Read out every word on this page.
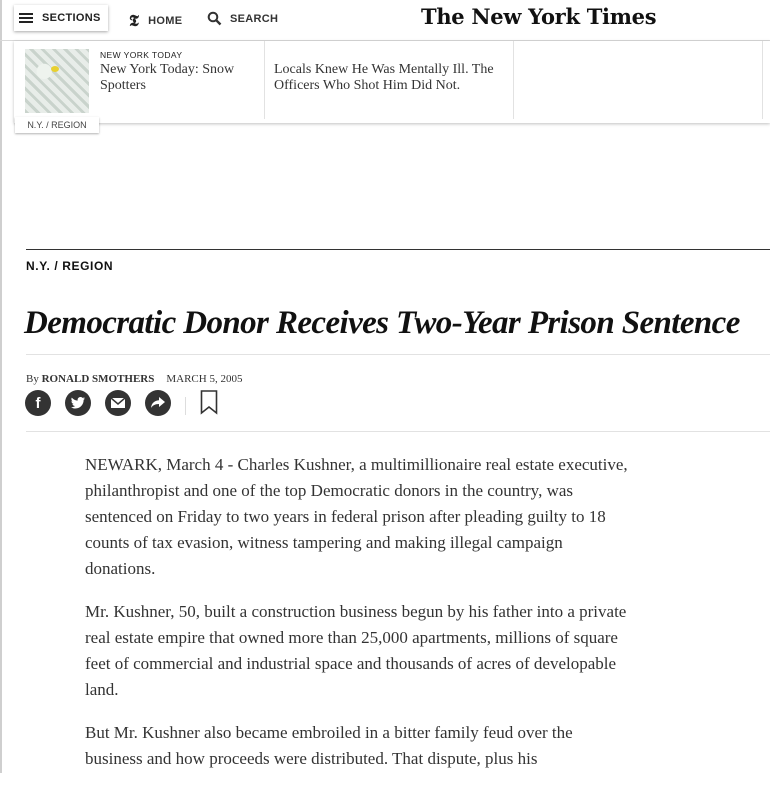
SECTIONS 𝕿 HOME	SEARCH	The New York Times
NEW YORK TODAY
New York Today: Snow Spotters
Locals Knew He Was Mentally Ill. The Officers Who Shot Him Did Not.
N.Y. / REGION
N.Y. / REGION
Democratic Donor Receives Two-Year Prison Sentence
By
RONALD SMOTHERS MARCH 5, 2005
f

NEWARK, March 4 - Charles Kushner, a multimillionaire real estate executive, philanthropist and one of the top Democratic donors in the country, was sentenced on Friday to two years in federal prison after pleading guilty to 18 counts of tax evasion, witness tampering and making illegal campaign donations.

Mr. Kushner, 50, built a construction business begun by his father into a private real estate empire that owned more than 25,000 apartments, millions of square feet of commercial and industrial space and thousands of acres of developable land.

But Mr. Kushner also became embroiled in a bitter family feud over the business and how proceeds were distributed. That dispute, plus his
